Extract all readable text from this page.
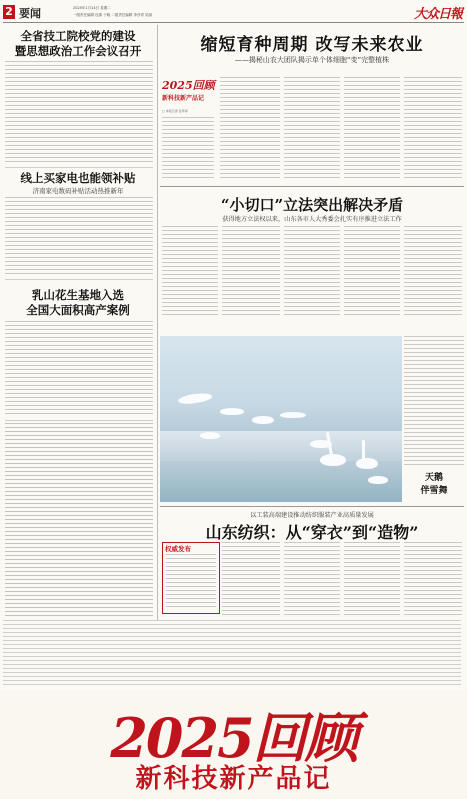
2 要闻	2025年1月14日 星期二
一版责任编辑 杜鹃 于晓 二版责任编辑 李彦青 吴丽	大众日報
全省技工院校党的建设
暨思想政治工作会议召开
线上买家电也能领补贴
济南家电数码补贴活动热推新年
乳山花生基地入选
全国大面积高产案例
缩短育种周期 改写未来农业
——揭秘山农大团队揭示单个体细胞“变”完整植株
2025回顾
新科技新产品记
□ 本报记者 张环泽
“小切口”立法突出解决矛盾
获得地方立法权以来，山东各市人大秀委会扎实有序推进立法工作
天鹅
伴雪舞
以工装高端建设推动纺织服装产业高质量发展
山东纺织：从“穿衣”到“造物”
权威发布
2025回顾
新科技新产品记
